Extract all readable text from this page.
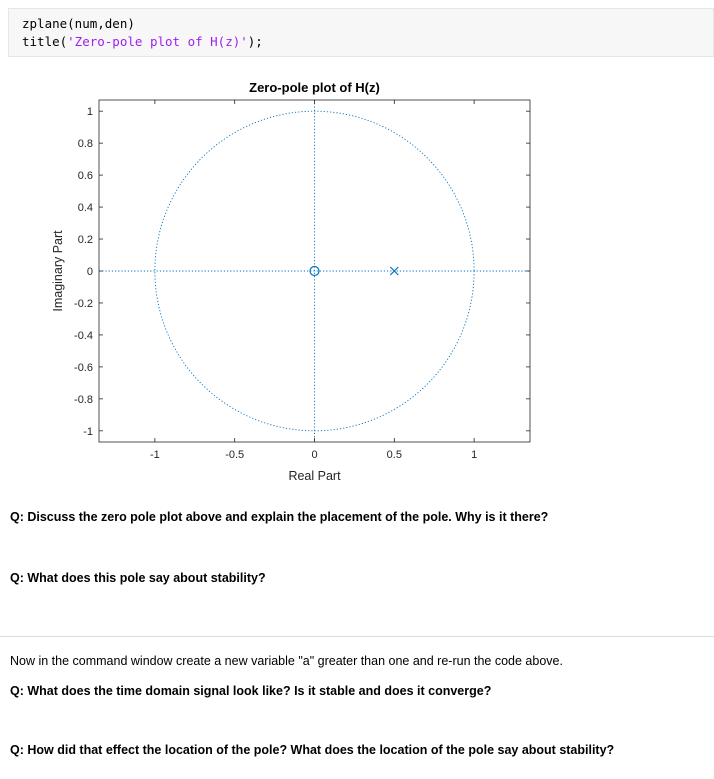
zplane(num,den)
title('Zero-pole plot of H(z)');
-1	-0.5	0	0.5	1
1
0.8
0.6
0.4
0.2
0
-0.2
-0.4
-0.6
-0.8
-1
Zero-pole plot of H(z)
Real Part
Imaginary Part
Q: Discuss the zero pole plot above and explain the placement of the pole. Why is it there?
Q: What does this pole say about stability?
Now in the command window create a new variable "a" greater than one and re-run the code above.
Q: What does the time domain signal look like? Is it stable and does it converge?
Q: How did that effect the location of the pole? What does the location of the pole say about stability?
